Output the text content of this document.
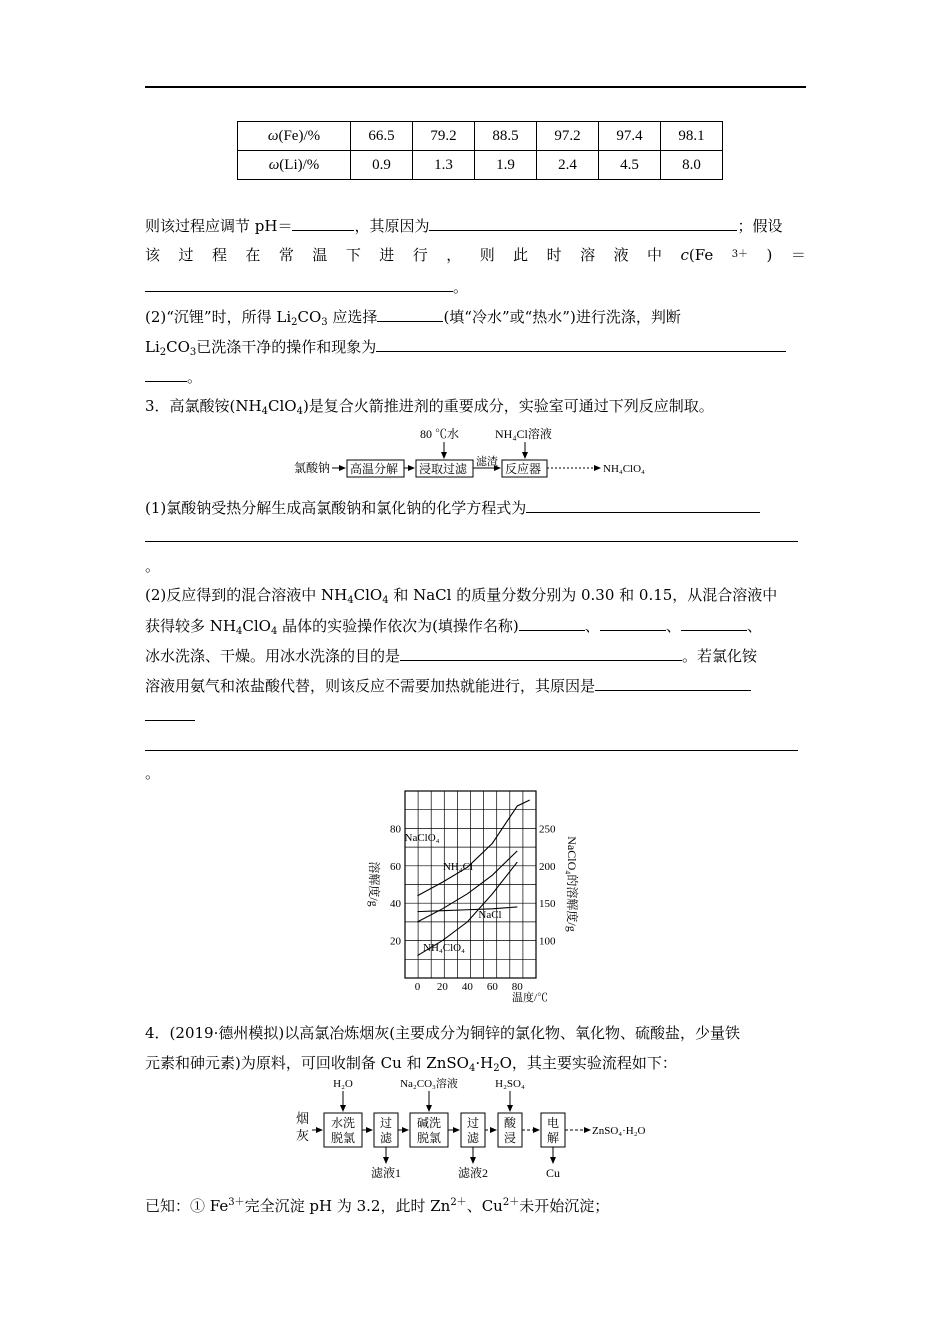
ω(Fe)/%	66.5	79.2	88.5	97.2	97.4	98.1
ω(Li)/%	0.9	1.3	1.9	2.4	4.5	8.0
则该过程应调节 pH＝	，其原因为	；假设
该 过 程 在 常 温 下 进 行 ， 则 此 时 溶 液 中 c(Fe 3＋ ) ＝
。
(2)“沉锂”时，所得 $Li_2CO_3$ 应选择	(填“冷水”或“热水”)进行洗涤，判断
$Li_2CO_3$已洗涤干净的操作和现象为
。
3．高氯酸铵$(NH_4ClO_4)$是复合火箭推进剂的重要成分，实验室可通过下列反应制取。
氯酸钠 高温分解 浸取过滤
80 ℃水
滤渣 反应器
NH₄Cl溶液
NH₄ClO₄
(1)氯酸钠受热分解生成高氯酸钠和氯化钠的化学方程式为
。
(2)反应得到的混合溶液中 $NH_4ClO_4$ 和 NaCl 的质量分数分别为 0.30 和 0.15，从混合溶液中
获得较多 $NH_4ClO_4$ 晶体的实验操作依次为(填操作名称)	、	、	、
冰水洗涤、干燥。用冰水洗涤的目的是	。若氯化铵
溶液用氨气和浓盐酸代替，则该反应不需要加热就能进行，其原因是
。
0 20 40 60 80
20
40
60
80
100
150
200
250
温度/℃
溶解度/g	NaClO₄的溶解度/g
NaClO₄
NH₄Cl
NaCl
NH₄ClO₄
4．(2019·德州模拟)以高氯冶炼烟灰(主要成分为铜锌的氯化物、氧化物、硫酸盐，少量铁
元素和砷元素)为原料，可回收制备 Cu 和 $ZnSO_4\cdot H_2O$，其主要实验流程如下：
烟
灰
水洗
脱氯
过
滤
碱洗
脱氯
过
滤
酸
浸
电
解	ZnSO₄·H₂O
H₂O	Na₂CO₃溶液	H₂SO₄
滤液1	滤液2	Cu
已知：① $Fe^{3+}$完全沉淀 pH 为 3.2，此时 $Zn^{2+}$、$Cu^{2+}$未开始沉淀；
